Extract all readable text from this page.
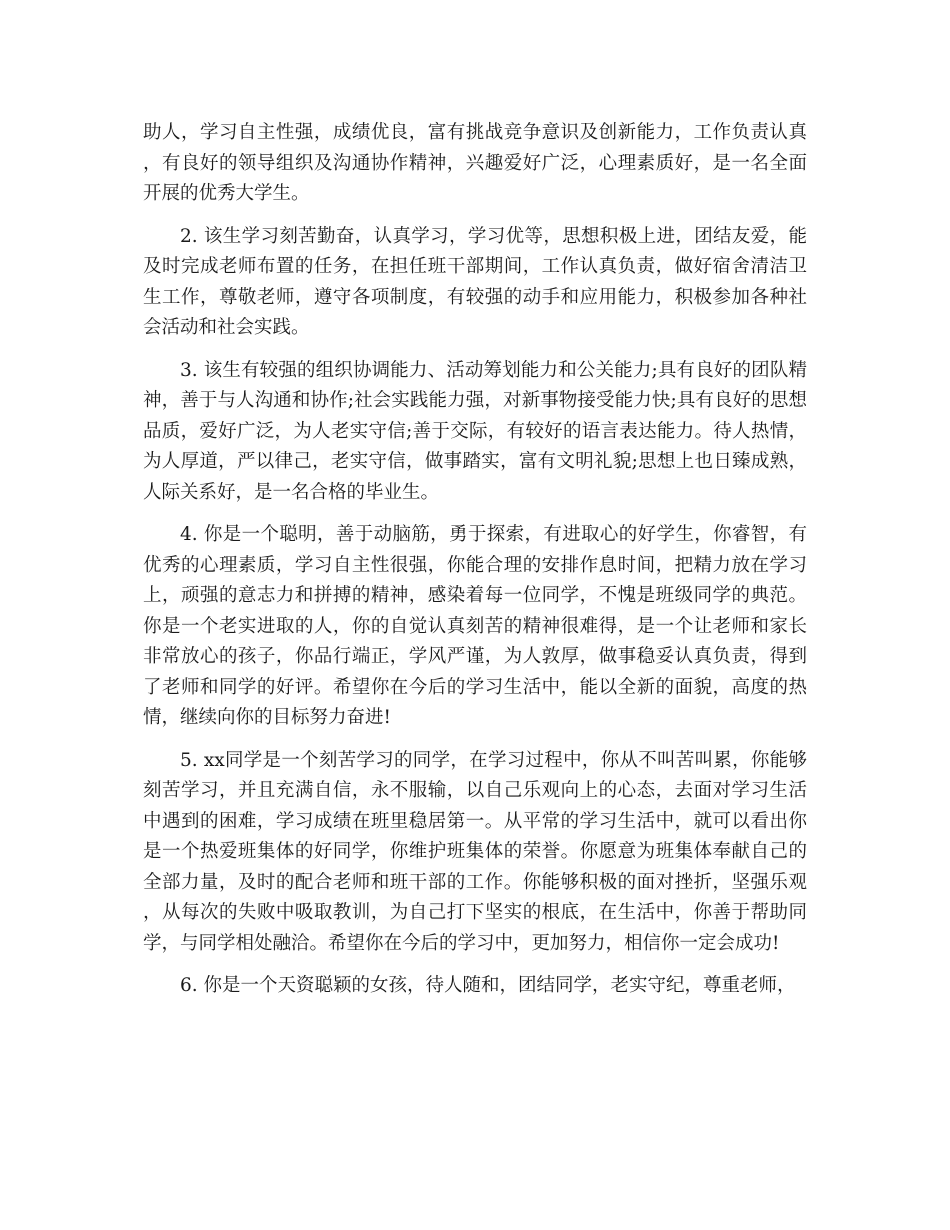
助人，学习自主性强，成绩优良，富有挑战竞争意识及创新能力，工作负责认真，有良好的领导组织及沟通协作精神，兴趣爱好广泛，心理素质好，是一名全面开展的优秀大学生。

2. 该生学习刻苦勤奋，认真学习，学习优等，思想积极上进，团结友爱，能及时完成老师布置的任务，在担任班干部期间，工作认真负责，做好宿舍清洁卫生工作，尊敬老师，遵守各项制度，有较强的动手和应用能力，积极参加各种社会活动和社会实践。

3. 该生有较强的组织协调能力、活动筹划能力和公关能力;具有良好的团队精神，善于与人沟通和协作;社会实践能力强，对新事物接受能力快;具有良好的思想品质，爱好广泛，为人老实守信;善于交际，有较好的语言表达能力。待人热情，为人厚道，严以律己，老实守信，做事踏实，富有文明礼貌;思想上也日臻成熟，人际关系好，是一名合格的毕业生。

4. 你是一个聪明，善于动脑筋，勇于探索，有进取心的好学生，你睿智，有优秀的心理素质，学习自主性很强，你能合理的安排作息时间，把精力放在学习上，顽强的意志力和拼搏的精神，感染着每一位同学，不愧是班级同学的典范。你是一个老实进取的人，你的自觉认真刻苦的精神很难得，是一个让老师和家长非常放心的孩子，你品行端正，学风严谨，为人敦厚，做事稳妥认真负责，得到了老师和同学的好评。希望你在今后的学习生活中，能以全新的面貌，高度的热情，继续向你的目标努力奋进!

5. xx同学是一个刻苦学习的同学，在学习过程中，你从不叫苦叫累，你能够刻苦学习，并且充满自信，永不服输，以自己乐观向上的心态，去面对学习生活中遇到的困难，学习成绩在班里稳居第一。从平常的学习生活中，就可以看出你是一个热爱班集体的好同学，你维护班集体的荣誉。你愿意为班集体奉献自己的全部力量，及时的配合老师和班干部的工作。你能够积极的面对挫折，坚强乐观，从每次的失败中吸取教训，为自己打下坚实的根底，在生活中，你善于帮助同学，与同学相处融洽。希望你在今后的学习中，更加努力，相信你一定会成功!

6. 你是一个天资聪颖的女孩，待人随和，团结同学，老实守纪，尊重老师，
